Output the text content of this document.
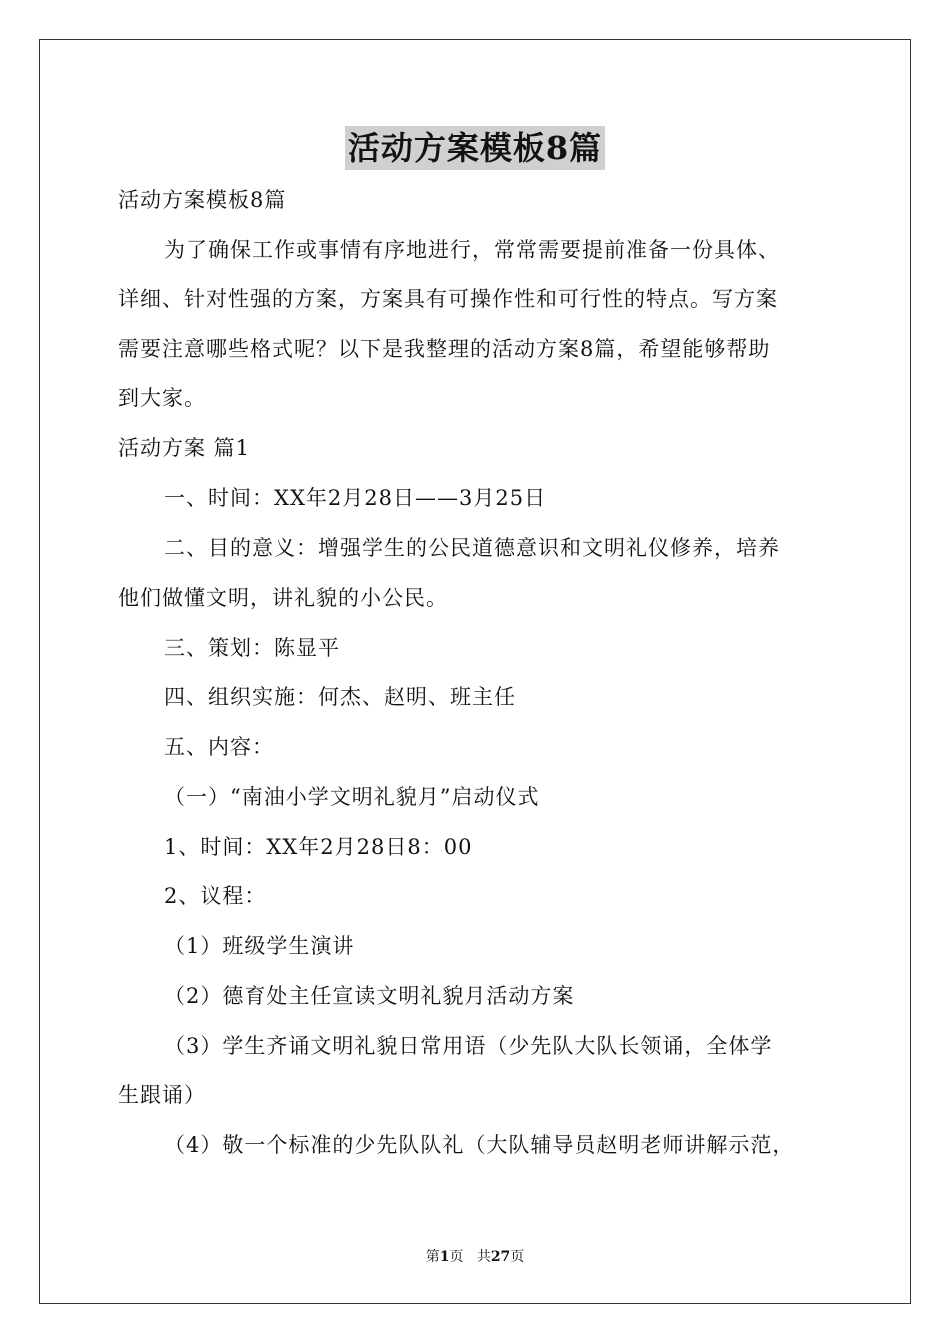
活动方案模板8篇
活动方案模板8篇
为了确保工作或事情有序地进行，常常需要提前准备一份具体、
详细、针对性强的方案，方案具有可操作性和可行性的特点。写方案
需要注意哪些格式呢？以下是我整理的活动方案8篇，希望能够帮助
到大家。
活动方案 篇1
一、时间：XX年2月28日——3月25日
二、目的意义：增强学生的公民道德意识和文明礼仪修养，培养
他们做懂文明，讲礼貌的小公民。
三、策划：陈显平
四、组织实施：何杰、赵明、班主任
五、内容：
（一）“南油小学文明礼貌月”启动仪式
1、时间：XX年2月28日8：00
2、议程：
（1）班级学生演讲
（2）德育处主任宣读文明礼貌月活动方案
（3）学生齐诵文明礼貌日常用语（少先队大队长领诵，全体学
生跟诵）
（4）敬一个标准的少先队队礼（大队辅导员赵明老师讲解示范，
第1页 共27页
